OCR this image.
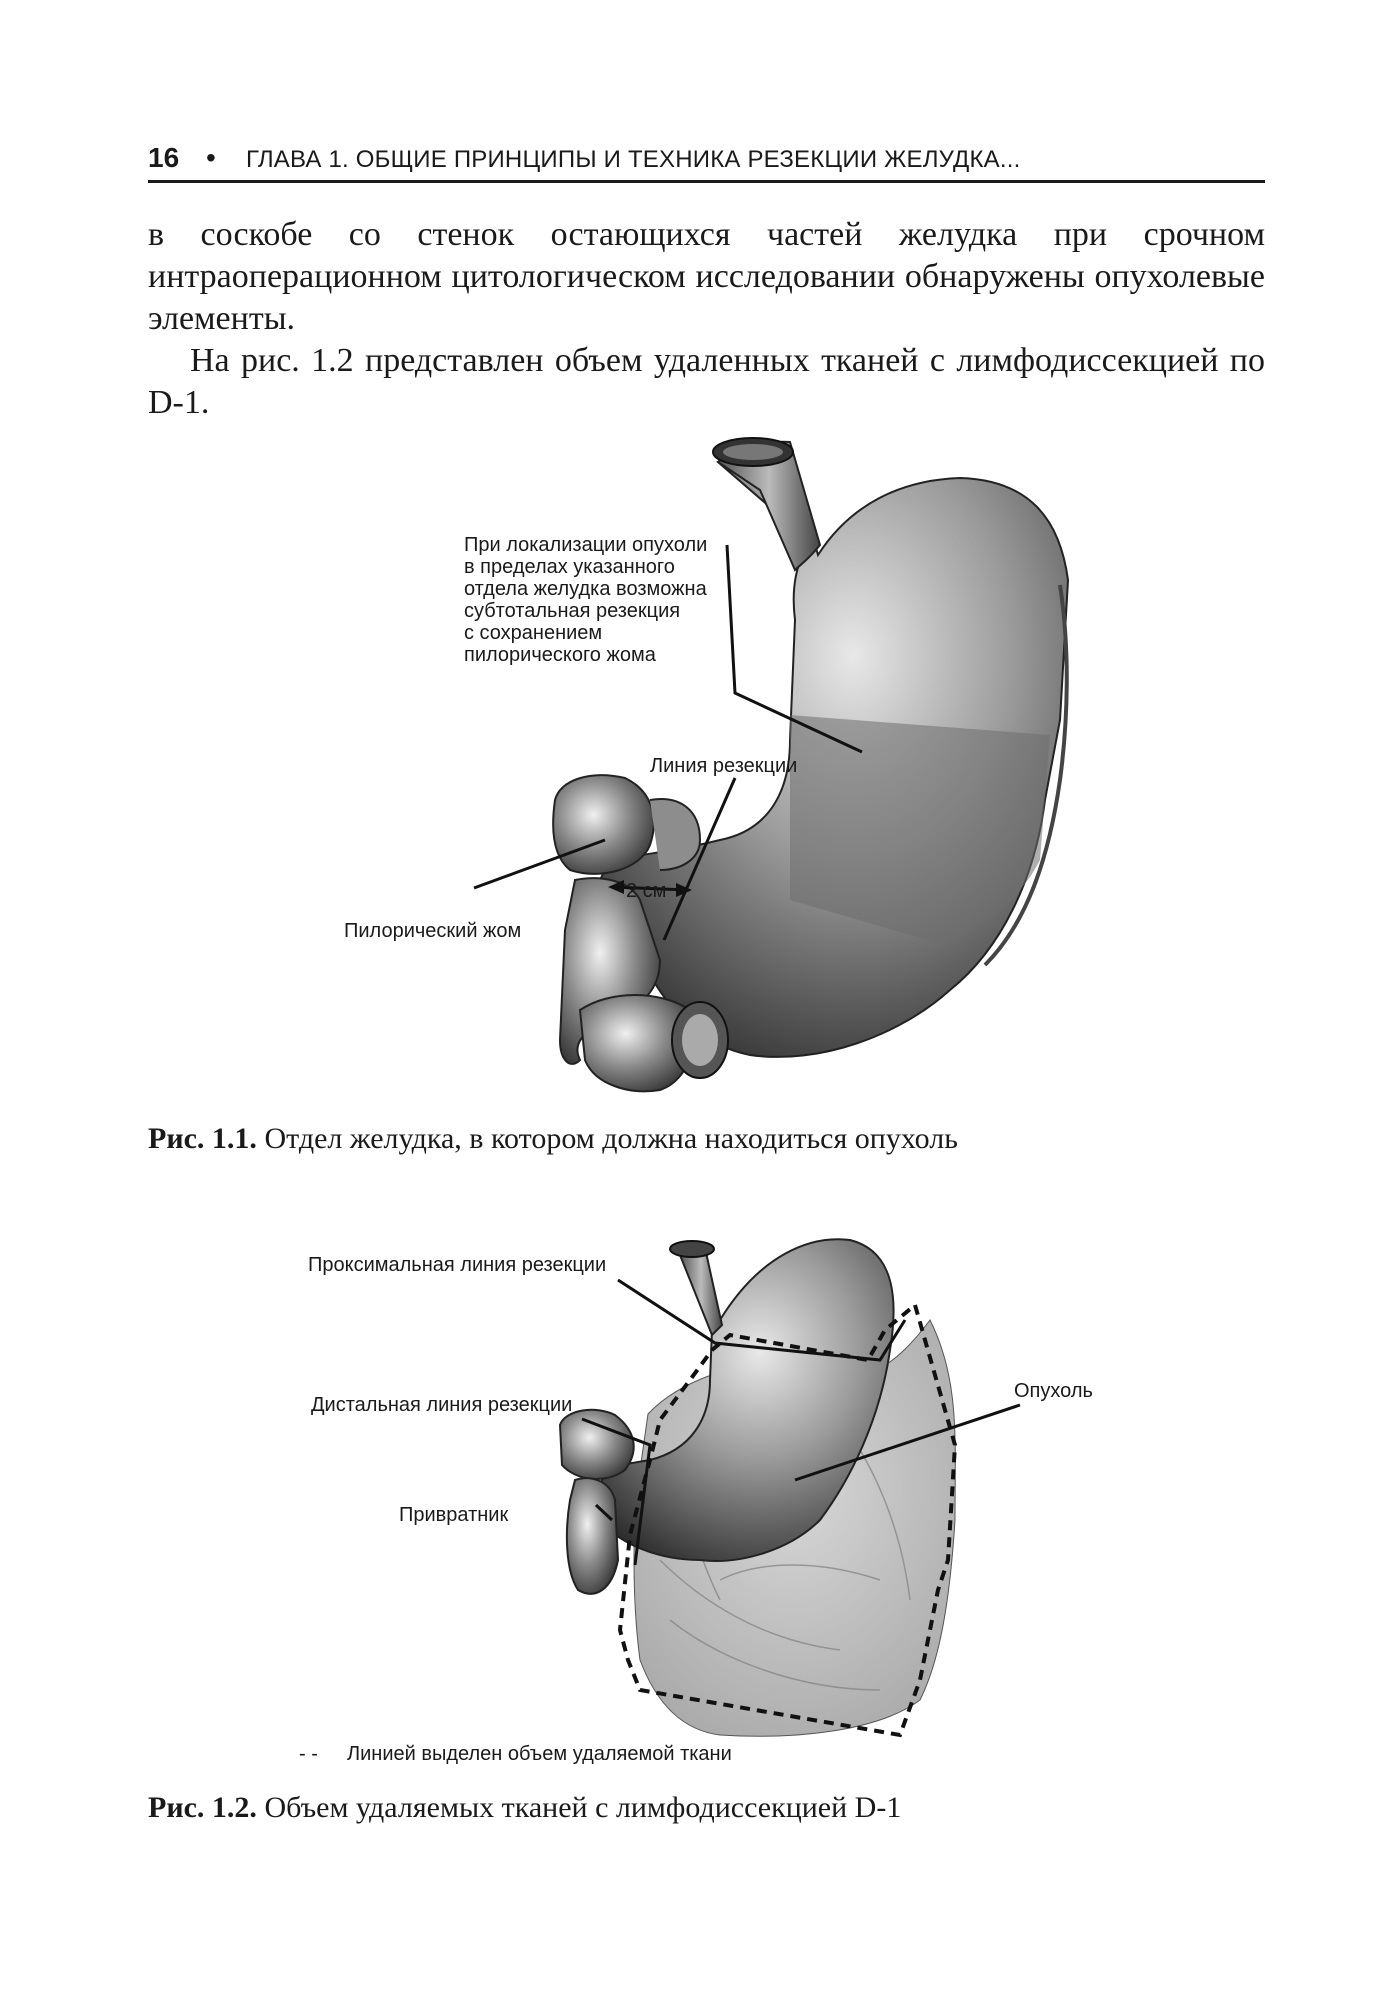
16 • ГЛАВА 1. ОБЩИЕ ПРИНЦИПЫ И ТЕХНИКА РЕЗЕКЦИИ ЖЕЛУДКА...
в соскобе со стенок остающихся частей желудка при срочном интраоперационном цитологическом исследовании обнаружены опухолевые элементы.
На рис. 1.2 представлен объем удаленных тканей с лимфодиссекцией по D-1.
При локализации опухоли
в пределах указанного
отдела желудка возможна
субтотальная резекция
с сохранением
пилорического жома
Линия резекции
2 см
Пилорический жом
Проксимальная линия резекции
Дистальная линия резекции
Привратник
Опухоль
- - Линией выделен объем удаляемой ткани
Рис. 1.1. Отдел желудка, в котором должна находиться опухоль
Рис. 1.2. Объем удаляемых тканей с лимфодиссекцией D-1
